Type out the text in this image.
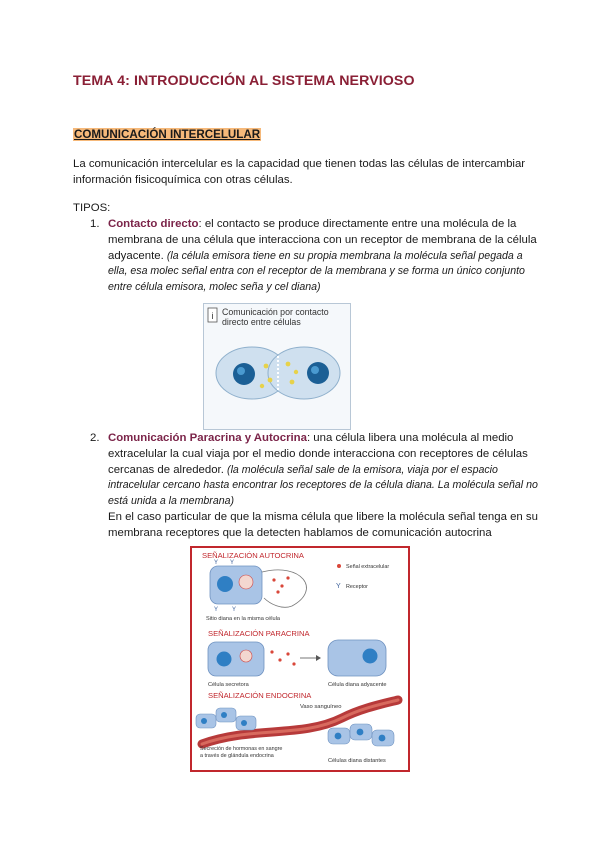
TEMA 4: INTRODUCCIÓN AL SISTEMA NERVIOSO
COMUNICACIÓN INTERCELULAR
La comunicación intercelular es la capacidad que tienen todas las células de intercambiar información fisicoquímica con otras células.
TIPOS:
1. Contacto directo: el contacto se produce directamente entre una molécula de la membrana de una célula que interacciona con un receptor de membrana de la célula adyacente. (la célula emisora tiene en su propia membrana la molécula señal pegada a ella, esa molec señal entra con el receptor de la membrana y se forma un único conjunto entre célula emisora, molec seña y cel diana)
i Comunicación por contacto
directo entre células
2. Comunicación Paracrina y Autocrina: una célula libera una molécula al medio extracelular la cual viaja por el medio donde interacciona con receptores de células cercanas de alrededor. (la molécula señal sale de la emisora, viaja por el espacio intracelular cercano hasta encontrar los receptores de la célula diana. La molécula señal no está unida a la membrana)
En el caso particular de que la misma célula que libere la molécula señal tenga en su membrana receptores que la detecten hablamos de comunicación autocrina
SEÑALIZACIÓN AUTOCRINA
Y Y
Y Y
Señal extracelular
Y Receptor
Sitio diana en la misma célula
SEÑALIZACIÓN PARACRINA
Célula secretora	Célula diana adyacente
SEÑALIZACIÓN ENDOCRINA
Vaso sanguíneo
Secreción de hormonas en sangre a través de glándula endocrina
Células diana distantes
